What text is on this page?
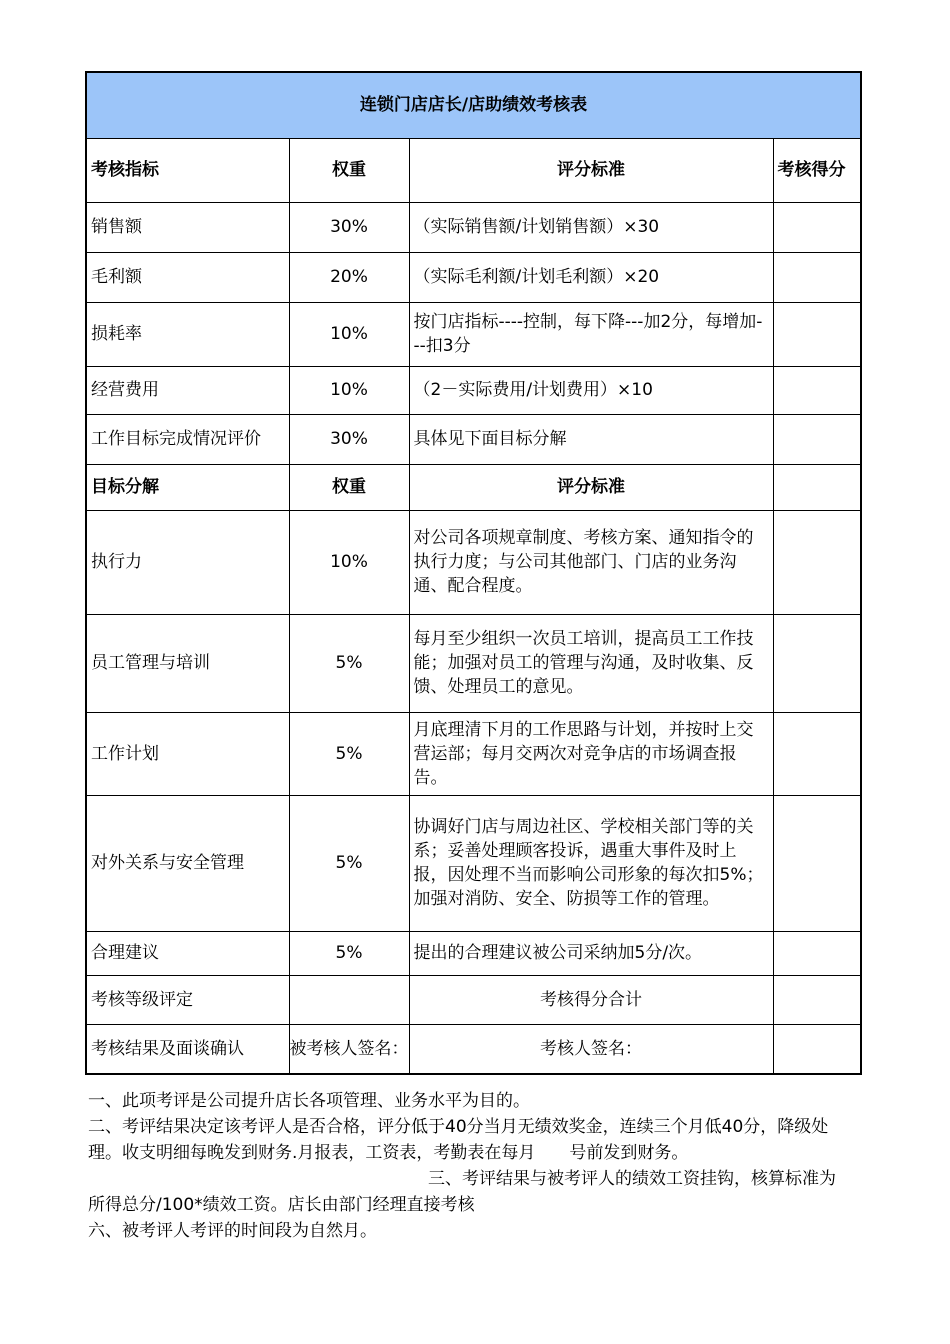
连锁门店店长/店助绩效考核表			
考核指标	权重	评分标准	考核得分
销售额	30%	（实际销售额/计划销售额）×30	
毛利额	20%	（实际毛利额/计划毛利额）×20	
损耗率	10%	按门店指标----控制，每下降---加2分，每增加---扣3分	
经营费用	10%	（2－实际费用/计划费用）×10	
工作目标完成情况评价	30%	具体见下面目标分解	
目标分解	权重	评分标准	
执行力	10%	对公司各项规章制度、考核方案、通知指令的执行力度；与公司其他部门、门店的业务沟通、配合程度。	
员工管理与培训	5%	每月至少组织一次员工培训，提高员工工作技能；加强对员工的管理与沟通，及时收集、反馈、处理员工的意见。	
工作计划	5%	月底理清下月的工作思路与计划，并按时上交营运部；每月交两次对竞争店的市场调查报告。	
对外关系与安全管理	5%	协调好门店与周边社区、学校相关部门等的关系；妥善处理顾客投诉，遇重大事件及时上报，因处理不当而影响公司形象的每次扣5%；加强对消防、安全、防损等工作的管理。	
合理建议	5%	提出的合理建议被公司采纳加5分/次。	
考核等级评定		考核得分合计	
考核结果及面谈确认	被考核人签名：	考核人签名：	

一、此项考评是公司提升店长各项管理、业务水平为目的。

二、考评结果决定该考评人是否合格，评分低于40分当月无绩效奖金，连续三个月低40分，降级处理。收支明细每晚发到财务.月报表，工资表，考勤表在每月　　号前发到财务。

　　　　　　　　　　　　　　　　　　　　三、考评结果与被考评人的绩效工资挂钩，核算标准为所得总分/100*绩效工资。店长由部门经理直接考核

六、被考评人考评的时间段为自然月。
